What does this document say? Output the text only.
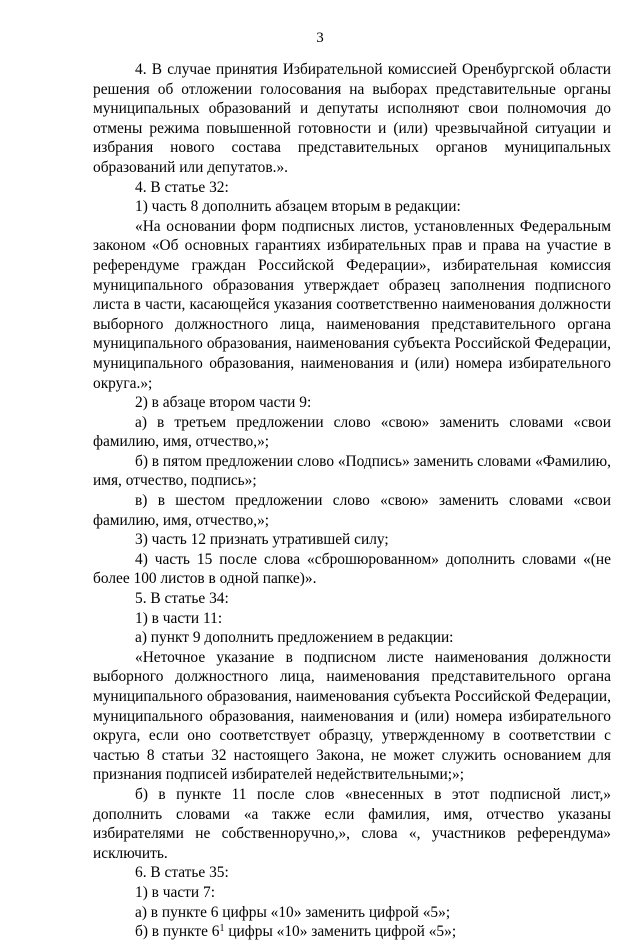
3

4. В случае принятия Избирательной комиссией Оренбургской области решения об отложении голосования на выборах представительные органы муниципальных образований и депутаты исполняют свои полномочия до отмены режима повышенной готовности и (или) чрезвычайной ситуации и избрания нового состава представительных органов муниципальных образований или депутатов.».

4. В статье 32:

1) часть 8 дополнить абзацем вторым в редакции:

«На основании форм подписных листов, установленных Федеральным законом «Об основных гарантиях избирательных прав и права на участие в референдуме граждан Российской Федерации», избирательная комиссия муниципального образования утверждает образец заполнения подписного листа в части, касающейся указания соответственно наименования должности выборного должностного лица, наименования представительного органа муниципального образования, наименования субъекта Российской Федерации, муниципального образования, наименования и (или) номера избирательного округа.»;

2) в абзаце втором части 9:

а) в третьем предложении слово «свою» заменить словами «свои фамилию, имя, отчество,»;

б) в пятом предложении слово «Подпись» заменить словами «Фамилию, имя, отчество, подпись»;

в) в шестом предложении слово «свою» заменить словами «свои фамилию, имя, отчество,»;

3) часть 12 признать утратившей силу;

4) часть 15 после слова «сброшюрованном» дополнить словами «(не более 100 листов в одной папке)».

5. В статье 34:

1) в части 11:

а) пункт 9 дополнить предложением в редакции:

«Неточное указание в подписном листе наименования должности выборного должностного лица, наименования представительного органа муниципального образования, наименования субъекта Российской Федерации, муниципального образования, наименования и (или) номера избирательного округа, если оно соответствует образцу, утвержденному в соответствии с частью 8 статьи 32 настоящего Закона, не может служить основанием для признания подписей избирателей недействительными;»;

б) в пункте 11 после слов «внесенных в этот подписной лист,» дополнить словами «а также если фамилия, имя, отчество указаны избирателями не собственноручно,», слова «, участников референдума» исключить.

6. В статье 35:

1) в части 7:

а) в пункте 6 цифры «10» заменить цифрой «5»;

б) в пункте $6^1$ цифры «10» заменить цифрой «5»;
